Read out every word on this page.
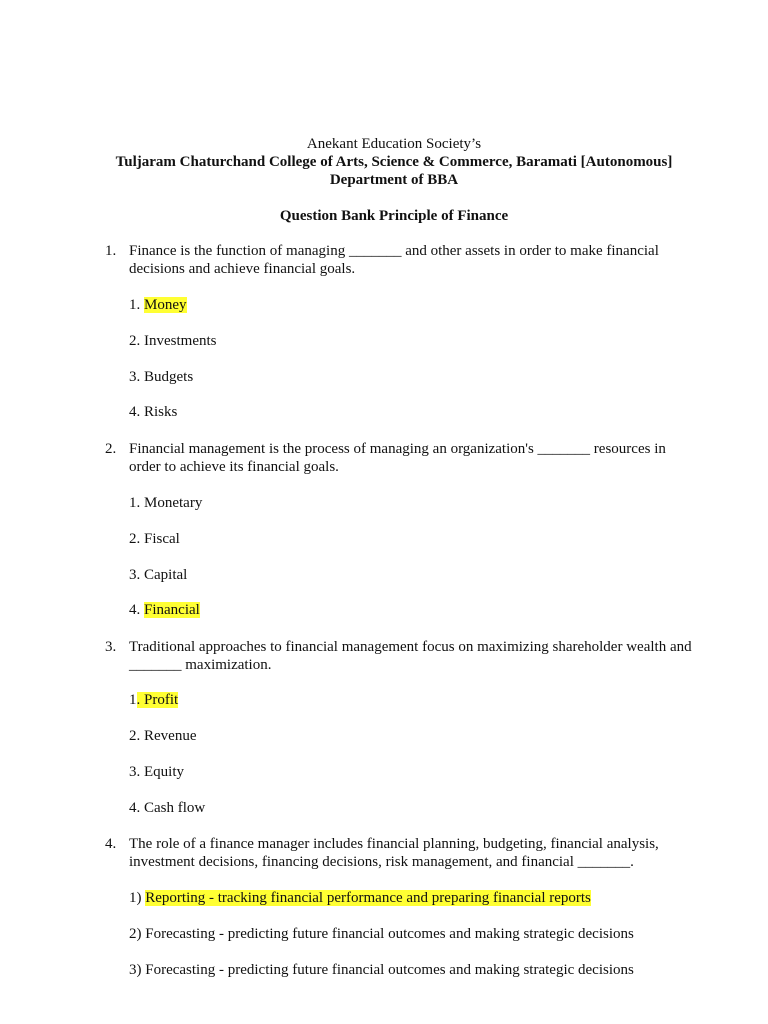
Anekant Education Society’s
Tuljaram Chaturchand College of Arts, Science & Commerce, Baramati [Autonomous]
Department of BBA
Question Bank Principle of Finance
1. Finance is the function of managing _______ and other assets in order to make financial
decisions and achieve financial goals.
1. Money
2. Investments
3. Budgets
4. Risks
2. Financial management is the process of managing an organization's _______ resources in
order to achieve its financial goals.
1. Monetary
2. Fiscal
3. Capital
4. Financial
3. Traditional approaches to financial management focus on maximizing shareholder wealth and
_______ maximization.
1. Profit
2. Revenue
3. Equity
4. Cash flow
4. The role of a finance manager includes financial planning, budgeting, financial analysis,
investment decisions, financing decisions, risk management, and financial _______.
1) Reporting - tracking financial performance and preparing financial reports
2) Forecasting - predicting future financial outcomes and making strategic decisions
3) Forecasting - predicting future financial outcomes and making strategic decisions
